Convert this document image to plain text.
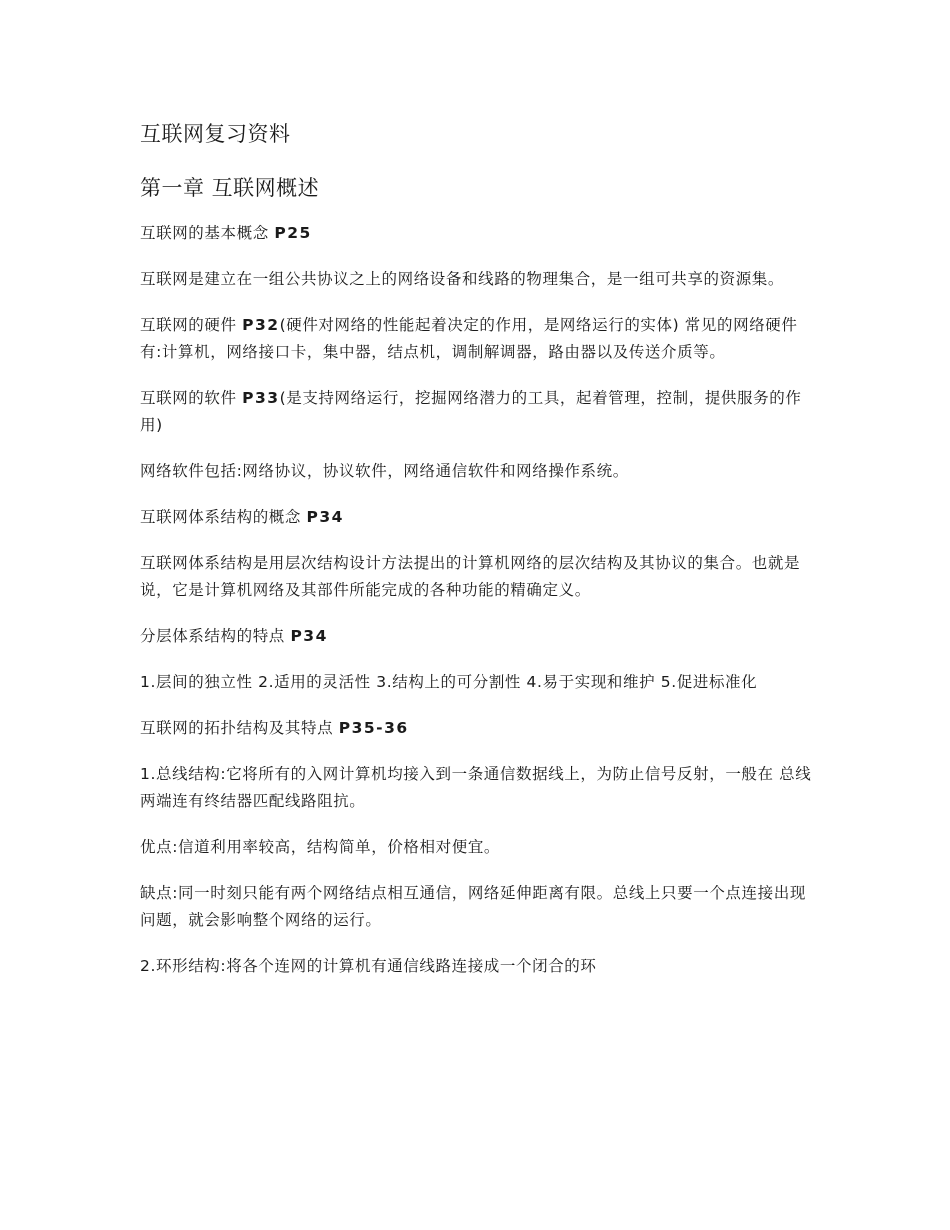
互联网复习资料
第一章 互联网概述

互联网的基本概念 P25

互联网是建立在一组公共协议之上的网络设备和线路的物理集合，是一组可共享的资源集。

互联网的硬件 P32(硬件对网络的性能起着决定的作用，是网络运行的实体) 常见的网络硬件有:计算机，网络接口卡，集中器，结点机，调制解调器，路由器以及传送介质等。

互联网的软件 P33(是支持网络运行，挖掘网络潜力的工具，起着管理，控制，提供服务的作用)

网络软件包括:网络协议，协议软件，网络通信软件和网络操作系统。

互联网体系结构的概念 P34

互联网体系结构是用层次结构设计方法提出的计算机网络的层次结构及其协议的集合。也就是说，它是计算机网络及其部件所能完成的各种功能的精确定义。

分层体系结构的特点 P34

1.层间的独立性 2.适用的灵活性 3.结构上的可分割性 4.易于实现和维护 5.促进标准化

互联网的拓扑结构及其特点 P35-36

1.总线结构:它将所有的入网计算机均接入到一条通信数据线上，为防止信号反射，一般在 总线两端连有终结器匹配线路阻抗。

优点:信道利用率较高，结构简单，价格相对便宜。

缺点:同一时刻只能有两个网络结点相互通信，网络延伸距离有限。总线上只要一个点连接出现问题，就会影响整个网络的运行。

2.环形结构:将各个连网的计算机有通信线路连接成一个闭合的环
